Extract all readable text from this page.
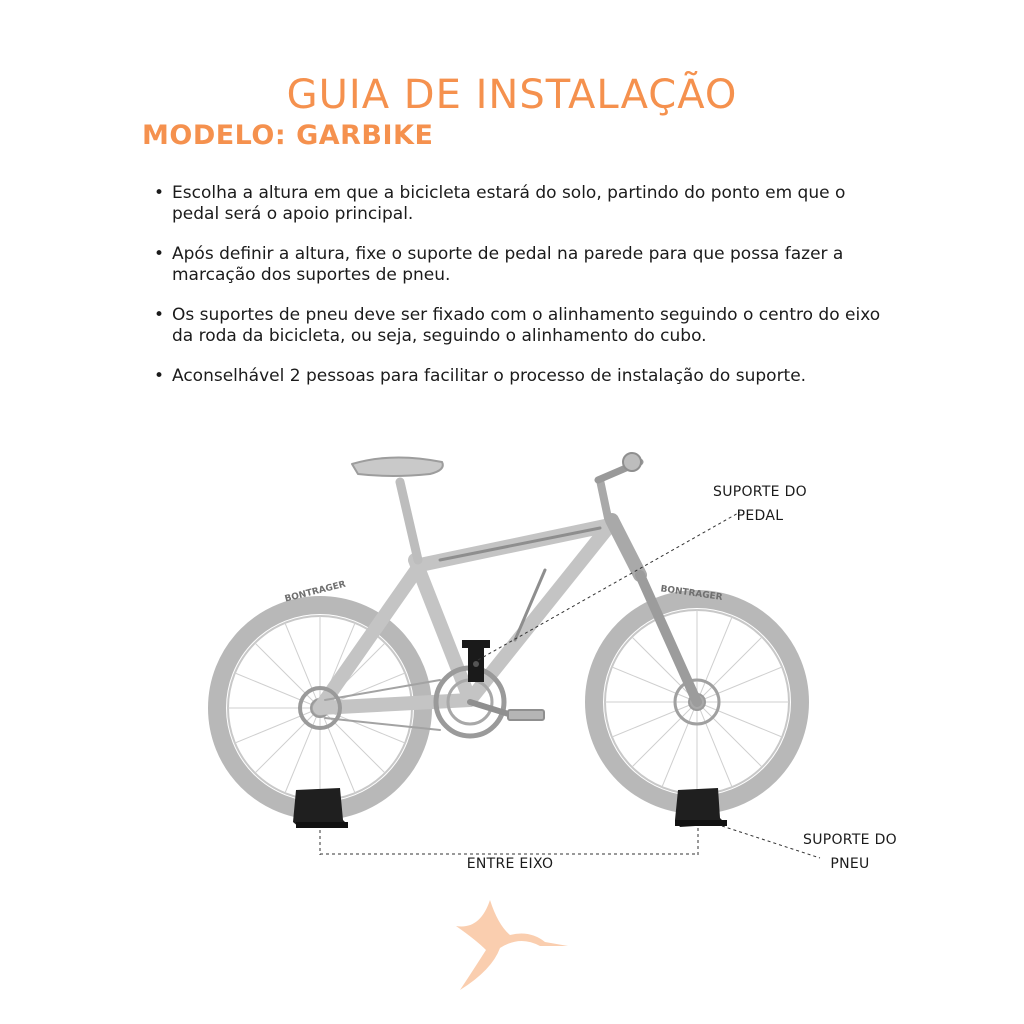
GUIA DE INSTALAÇÃO
MODELO: GARBIKE
• Escolha a altura em que a bicicleta estará do solo, partindo do ponto em que o pedal será o apoio principal.
• Após definir a altura, fixe o suporte de pedal na parede para que possa fazer a marcação dos suportes de pneu.
• Os suportes de pneu deve ser fixado com o alinhamento seguindo o centro do eixo da roda da bicicleta, ou seja, seguindo o alinhamento do cubo.
• Aconselhável 2 pessoas para facilitar o processo de instalação do suporte.
BONTRAGER	BONTRAGER
SUPORTE DO
PEDAL
SUPORTE DO
PNEU
ENTRE EIXO
